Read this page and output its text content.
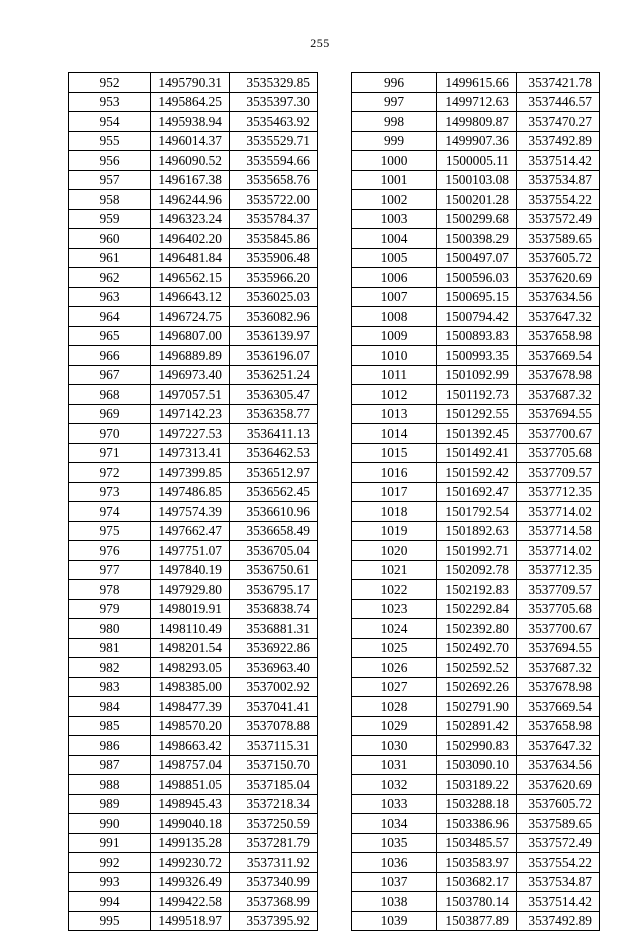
255
952	1495790.31	3535329.85
953	1495864.25	3535397.30
954	1495938.94	3535463.92
955	1496014.37	3535529.71
956	1496090.52	3535594.66
957	1496167.38	3535658.76
958	1496244.96	3535722.00
959	1496323.24	3535784.37
960	1496402.20	3535845.86
961	1496481.84	3535906.48
962	1496562.15	3535966.20
963	1496643.12	3536025.03
964	1496724.75	3536082.96
965	1496807.00	3536139.97
966	1496889.89	3536196.07
967	1496973.40	3536251.24
968	1497057.51	3536305.47
969	1497142.23	3536358.77
970	1497227.53	3536411.13
971	1497313.41	3536462.53
972	1497399.85	3536512.97
973	1497486.85	3536562.45
974	1497574.39	3536610.96
975	1497662.47	3536658.49
976	1497751.07	3536705.04
977	1497840.19	3536750.61
978	1497929.80	3536795.17
979	1498019.91	3536838.74
980	1498110.49	3536881.31
981	1498201.54	3536922.86
982	1498293.05	3536963.40
983	1498385.00	3537002.92
984	1498477.39	3537041.41
985	1498570.20	3537078.88
986	1498663.42	3537115.31
987	1498757.04	3537150.70
988	1498851.05	3537185.04
989	1498945.43	3537218.34
990	1499040.18	3537250.59
991	1499135.28	3537281.79
992	1499230.72	3537311.92
993	1499326.49	3537340.99
994	1499422.58	3537368.99
995	1499518.97	3537395.92
996	1499615.66	3537421.78
997	1499712.63	3537446.57
998	1499809.87	3537470.27
999	1499907.36	3537492.89
1000	1500005.11	3537514.42
1001	1500103.08	3537534.87
1002	1500201.28	3537554.22
1003	1500299.68	3537572.49
1004	1500398.29	3537589.65
1005	1500497.07	3537605.72
1006	1500596.03	3537620.69
1007	1500695.15	3537634.56
1008	1500794.42	3537647.32
1009	1500893.83	3537658.98
1010	1500993.35	3537669.54
1011	1501092.99	3537678.98
1012	1501192.73	3537687.32
1013	1501292.55	3537694.55
1014	1501392.45	3537700.67
1015	1501492.41	3537705.68
1016	1501592.42	3537709.57
1017	1501692.47	3537712.35
1018	1501792.54	3537714.02
1019	1501892.63	3537714.58
1020	1501992.71	3537714.02
1021	1502092.78	3537712.35
1022	1502192.83	3537709.57
1023	1502292.84	3537705.68
1024	1502392.80	3537700.67
1025	1502492.70	3537694.55
1026	1502592.52	3537687.32
1027	1502692.26	3537678.98
1028	1502791.90	3537669.54
1029	1502891.42	3537658.98
1030	1502990.83	3537647.32
1031	1503090.10	3537634.56
1032	1503189.22	3537620.69
1033	1503288.18	3537605.72
1034	1503386.96	3537589.65
1035	1503485.57	3537572.49
1036	1503583.97	3537554.22
1037	1503682.17	3537534.87
1038	1503780.14	3537514.42
1039	1503877.89	3537492.89
